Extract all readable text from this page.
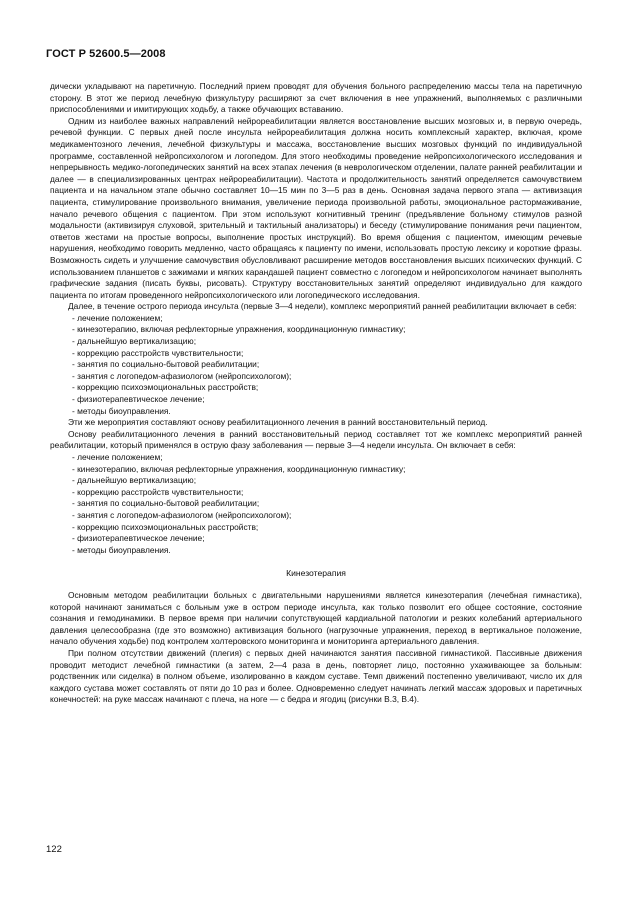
ГОСТ Р 52600.5—2008

дически укладывают на паретичную. Последний прием проводят для обучения больного распределению массы тела на паретичную сторону. В этот же период лечебную физкультуру расширяют за счет включения в нее упражнений, выполняемых с различными приспособлениями и имитирующих ходьбу, а также обучающих вставанию.

Одним из наиболее важных направлений нейрореабилитации является восстановление высших мозговых и, в первую очередь, речевой функции. С первых дней после инсульта нейрореабилитация должна носить комплексный характер, включая, кроме медикаментозного лечения, лечебной физкультуры и массажа, восстановление высших мозговых функций по индивидуальной программе, составленной нейропсихологом и логопедом. Для этого необходимы проведение нейропсихологического исследования и непрерывность медико-логопедических занятий на всех этапах лечения (в неврологическом отделении, палате ранней реабилитации и далее — в специализированных центрах нейрореабилитации). Частота и продолжительность занятий определяется самочувствием пациента и на начальном этапе обычно составляет 10—15 мин по 3—5 раз в день. Основная задача первого этапа — активизация пациента, стимулирование произвольного внимания, увеличение периода произвольной работы, эмоциональное растормаживание, начало речевого общения с пациентом. При этом используют когнитивный тренинг (предъявление больному стимулов разной модальности (активизируя слуховой, зрительный и тактильный анализаторы) и беседу (стимулирование понимания речи пациентом, ответов жестами на простые вопросы, выполнение простых инструкций). Во время общения с пациентом, имеющим речевые нарушения, необходимо говорить медленно, часто обращаясь к пациенту по имени, использовать простую лексику и короткие фразы. Возможность сидеть и улучшение самочувствия обусловливают расширение методов восстановления высших психических функций. С использованием планшетов с зажимами и мягких карандашей пациент совместно с логопедом и нейропсихологом начинает выполнять графические задания (писать буквы, рисовать). Структуру восстановительных занятий определяют индивидуально для каждого пациента по итогам проведенного нейропсихологического или логопедического исследования.

Далее, в течение острого периода инсульта (первые 3—4 недели), комплекс мероприятий ранней реабилитации включает в себя:

- лечение положением;
- кинезотерапию, включая рефлекторные упражнения, координационную гимнастику;
- дальнейшую вертикализацию;
- коррекцию расстройств чувствительности;
- занятия по социально-бытовой реабилитации;
- занятия с логопедом-афазиологом (нейропсихологом);
- коррекцию психоэмоциональных расстройств;
- физиотерапевтическое лечение;
- методы биоуправления.

Эти же мероприятия составляют основу реабилитационного лечения в ранний восстановительный период.

Основу реабилитационного лечения в ранний восстановительный период составляет тот же комплекс мероприятий ранней реабилитации, который применялся в острую фазу заболевания — первые 3—4 недели инсульта. Он включает в себя:

- лечение положением;
- кинезотерапию, включая рефлекторные упражнения, координационную гимнастику;
- дальнейшую вертикализацию;
- коррекцию расстройств чувствительности;
- занятия по социально-бытовой реабилитации;
- занятия с логопедом-афазиологом (нейропсихологом);
- коррекцию психоэмоциональных расстройств;
- физиотерапевтическое лечение;
- методы биоуправления.
Кинезотерапия

Основным методом реабилитации больных с двигательными нарушениями является кинезотерапия (лечебная гимнастика), которой начинают заниматься с больным уже в остром периоде инсульта, как только позволит его общее состояние, состояние сознания и гемодинамики. В первое время при наличии сопутствующей кардиальной патологии и резких колебаний артериального давления целесообразна (где это возможно) активизация больного (нагрузочные упражнения, переход в вертикальное положение, начало обучения ходьбе) под контролем холтеровского мониторинга и мониторинга артериального давления.

При полном отсутствии движений (плегия) с первых дней начинаются занятия пассивной гимнастикой. Пассивные движения проводит методист лечебной гимнастики (а затем, 2—4 раза в день, повторяет лицо, постоянно ухаживающее за больным: родственник или сиделка) в полном объеме, изолированно в каждом суставе. Темп движений постепенно увеличивают, число их для каждого сустава может составлять от пяти до 10 раз и более. Одновременно следует начинать легкий массаж здоровых и паретичных конечностей: на руке массаж начинают с плеча, на ноге — с бедра и ягодиц (рисунки В.3, В.4).

122
